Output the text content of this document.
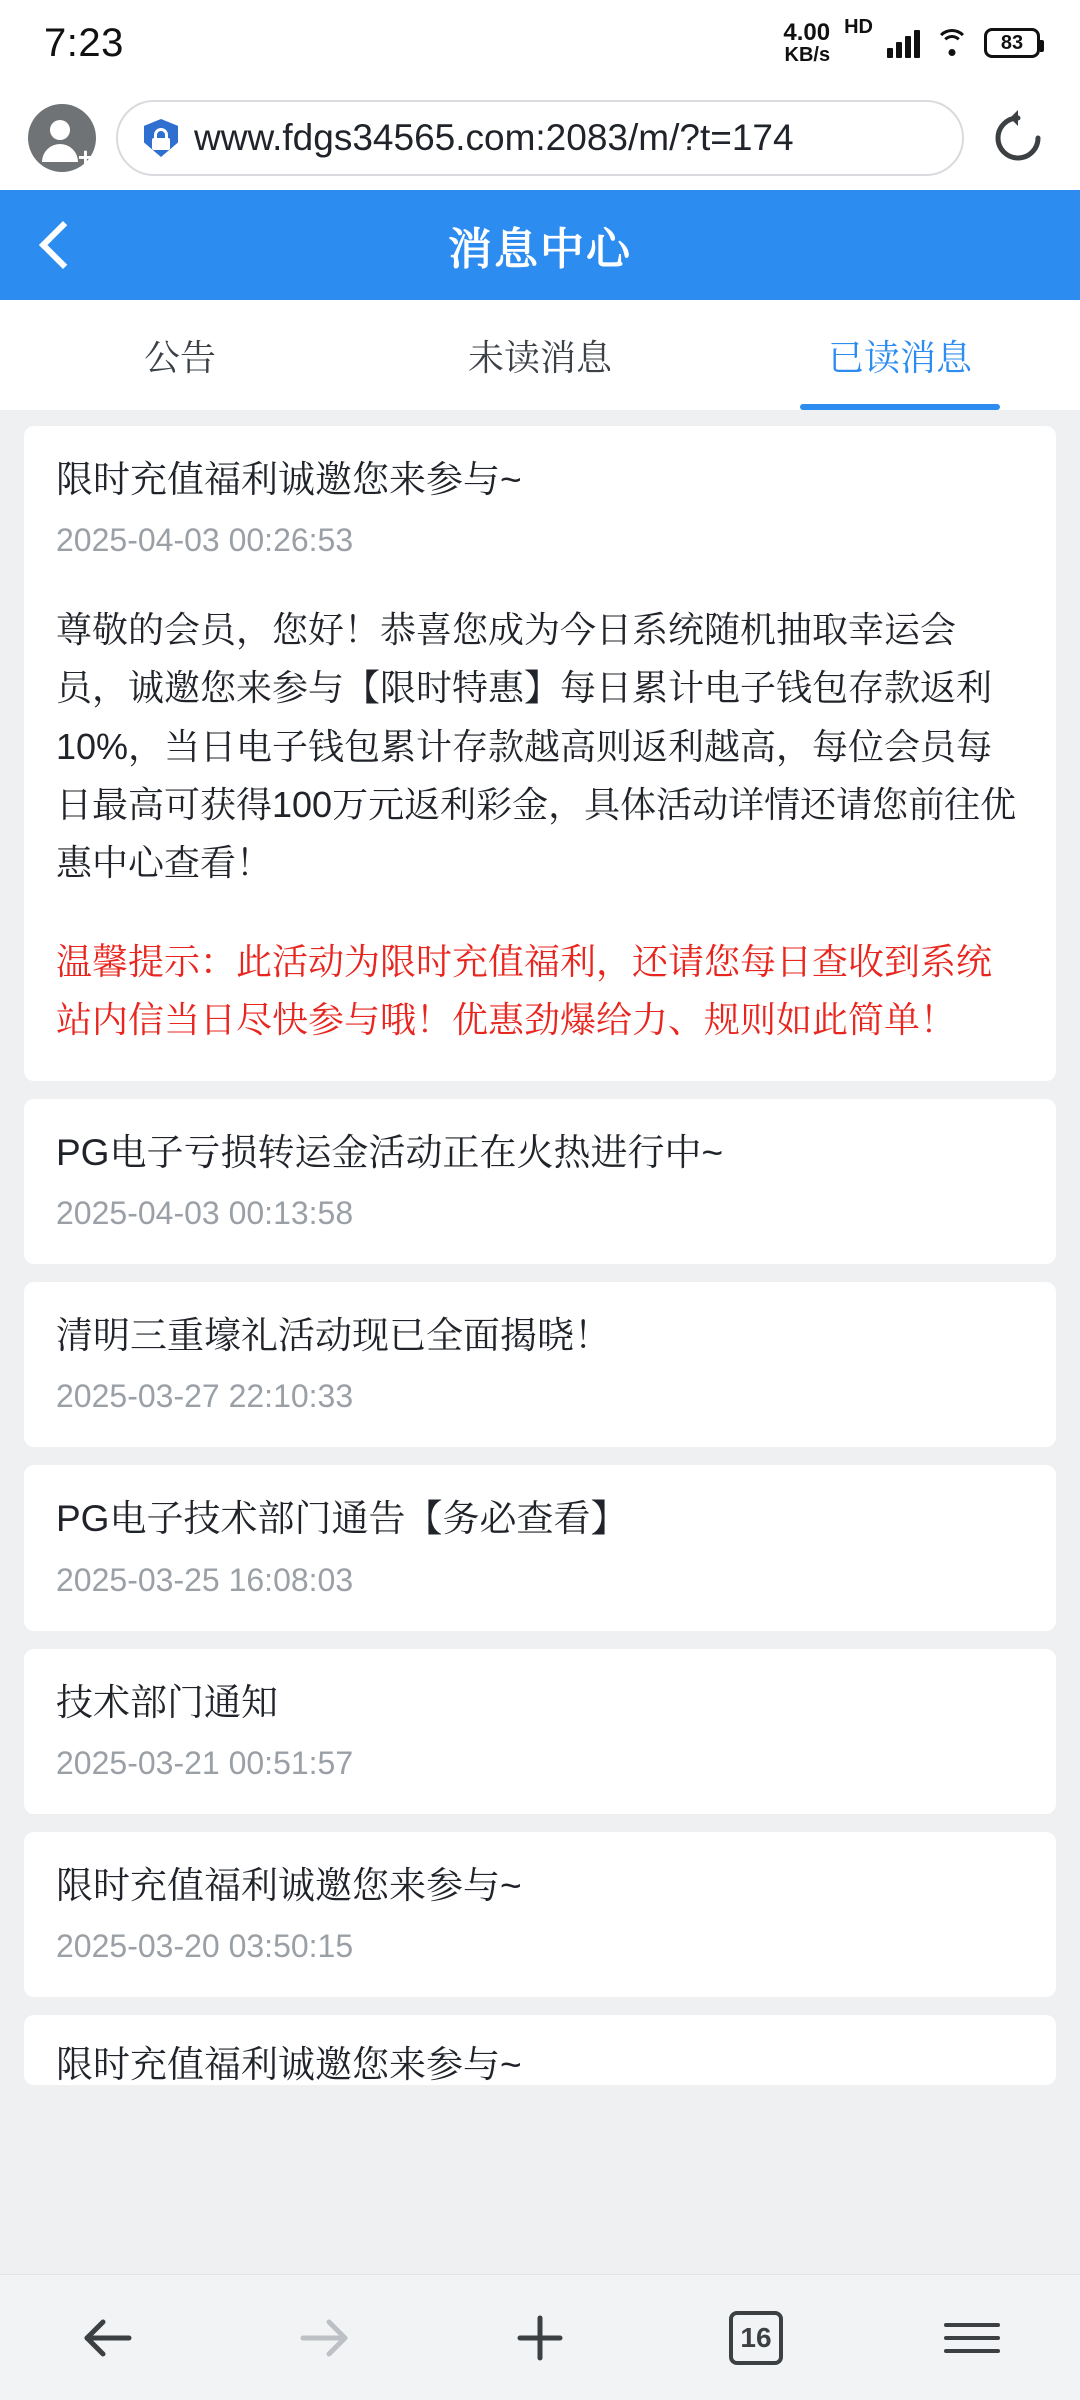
7:23	4.00
KB/s
HD
83
+	www.fdgs34565.com:2083/m/?t=174
消息中心
公告	未读消息	已读消息
限时充值福利诚邀您来参与~
2025-04-03 00:26:53

尊敬的会员，您好！恭喜您成为今日系统随机抽取幸运会员，诚邀您来参与【限时特惠】每日累计电子钱包存款返利10%，当日电子钱包累计存款越高则返利越高，每位会员每日最高可获得100万元返利彩金，具体活动详情还请您前往优惠中心查看！

温馨提示：此活动为限时充值福利，还请您每日查收到系统站内信当日尽快参与哦！优惠劲爆给力、规则如此简单！

PG电子亏损转运金活动正在火热进行中~
2025-04-03 00:13:58
清明三重壕礼活动现已全面揭晓！
2025-03-27 22:10:33
PG电子技术部门通告【务必查看】
2025-03-25 16:08:03
技术部门通知
2025-03-21 00:51:57
限时充值福利诚邀您来参与~
2025-03-20 03:50:15
限时充值福利诚邀您来参与~
16
